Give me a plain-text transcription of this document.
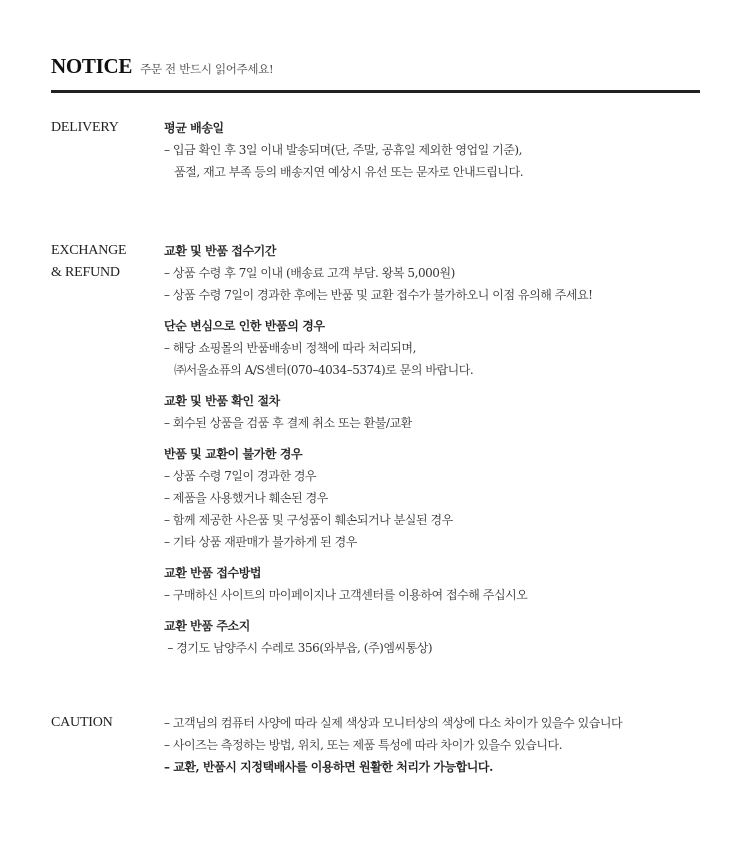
NOTICE 주문 전 반드시 읽어주세요!
DELIVERY	평균 배송일
– 입금 확인 후 3일 이내 발송되며(단, 주말, 공휴일 제외한 영업일 기준),
품절, 재고 부족 등의 배송지연 예상시 유선 또는 문자로 안내드립니다.
EXCHANGE
& REFUND
교환 및 반품 접수기간
– 상품 수령 후 7일 이내 (배송료 고객 부담. 왕복 5,000원)
– 상품 수령 7일이 경과한 후에는 반품 및 교환 접수가 불가하오니 이점 유의해 주세요!
단순 변심으로 인한 반품의 경우
– 해당 쇼핑몰의 반품배송비 정책에 따라 처리되며,
㈜서울쇼퓨의 A/S센터(070–4034–5374)로 문의 바랍니다.
교환 및 반품 확인 절차
– 회수된 상품을 검품 후 결제 취소 또는 환불/교환
반품 및 교환이 불가한 경우
– 상품 수령 7일이 경과한 경우
– 제품을 사용했거나 훼손된 경우
– 함께 제공한 사은품 및 구성품이 훼손되거나 분실된 경우
– 기타 상품 재판매가 불가하게 된 경우
교환 반품 접수방법
– 구매하신 사이트의 마이페이지나 고객센터를 이용하여 접수해 주십시오
교환 반품 주소지
– 경기도 남양주시 수레로 356(와부읍, (주)엠씨통상)
CAUTION	– 고객님의 컴퓨터 사양에 따라 실제 색상과 모니터상의 색상에 다소 차이가 있을수 있습니다
– 사이즈는 측정하는 방법, 위치, 또는 제품 특성에 따라 차이가 있을수 있습니다.
– 교환, 반품시 지정택배사를 이용하면 원활한 처리가 가능합니다.
